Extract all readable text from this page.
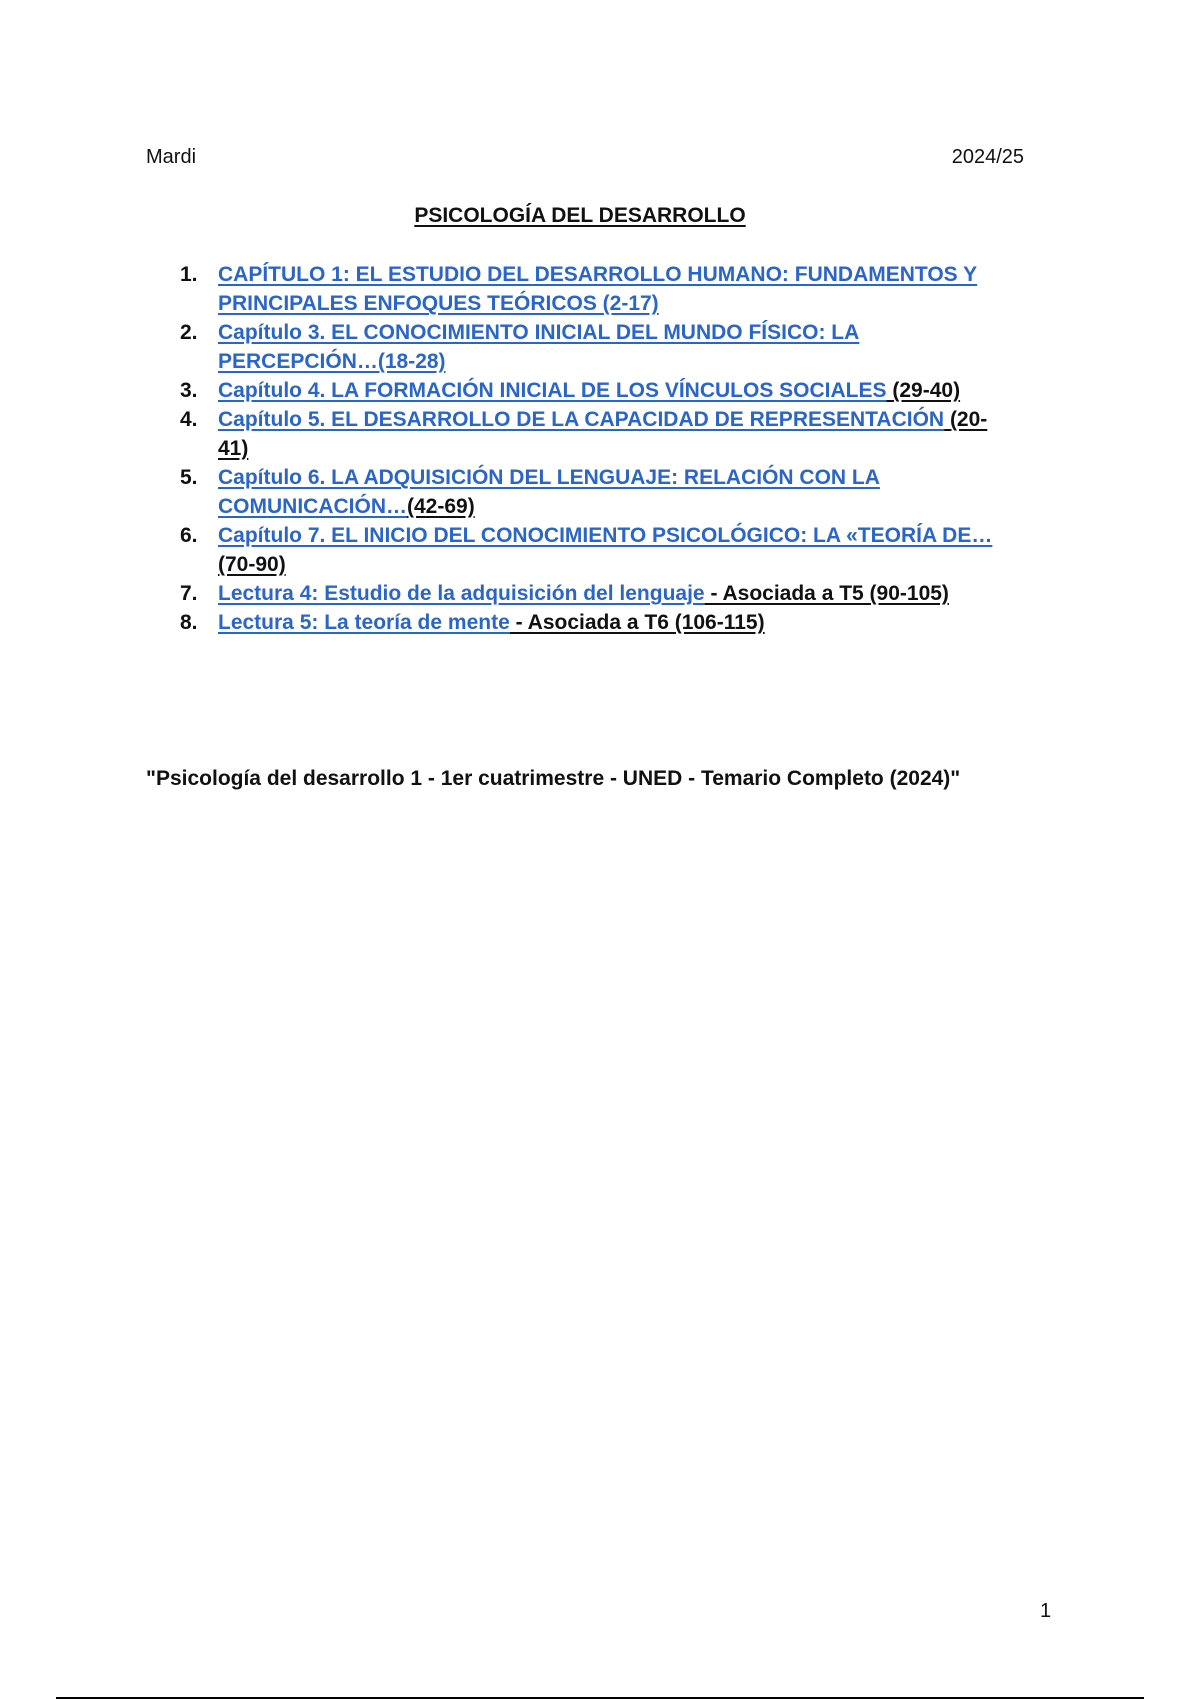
Mardi	2024/25
PSICOLOGÍA DEL DESARROLLO
1. CAPÍTULO 1: EL ESTUDIO DEL DESARROLLO HUMANO: FUNDAMENTOS Y PRINCIPALES ENFOQUES TEÓRICOS (2-17)
2. Capítulo 3. EL CONOCIMIENTO INICIAL DEL MUNDO FÍSICO: LA PERCEPCIÓN…(18-28)
3. Capítulo 4. LA FORMACIÓN INICIAL DE LOS VÍNCULOS SOCIALES (29-40)
4. Capítulo 5. EL DESARROLLO DE LA CAPACIDAD DE REPRESENTACIÓN (20-41)
5. Capítulo 6. LA ADQUISICIÓN DEL LENGUAJE: RELACIÓN CON LA COMUNICACIÓN…(42-69)
6. Capítulo 7. EL INICIO DEL CONOCIMIENTO PSICOLÓGICO: LA «TEORÍA DE…(70-90)
7. Lectura 4: Estudio de la adquisición del lenguaje - Asociada a T5 (90-105)
8. Lectura 5: La teoría de mente - Asociada a T6 (106-115)
"Psicología del desarrollo 1 - 1er cuatrimestre - UNED - Temario Completo (2024)"
1
